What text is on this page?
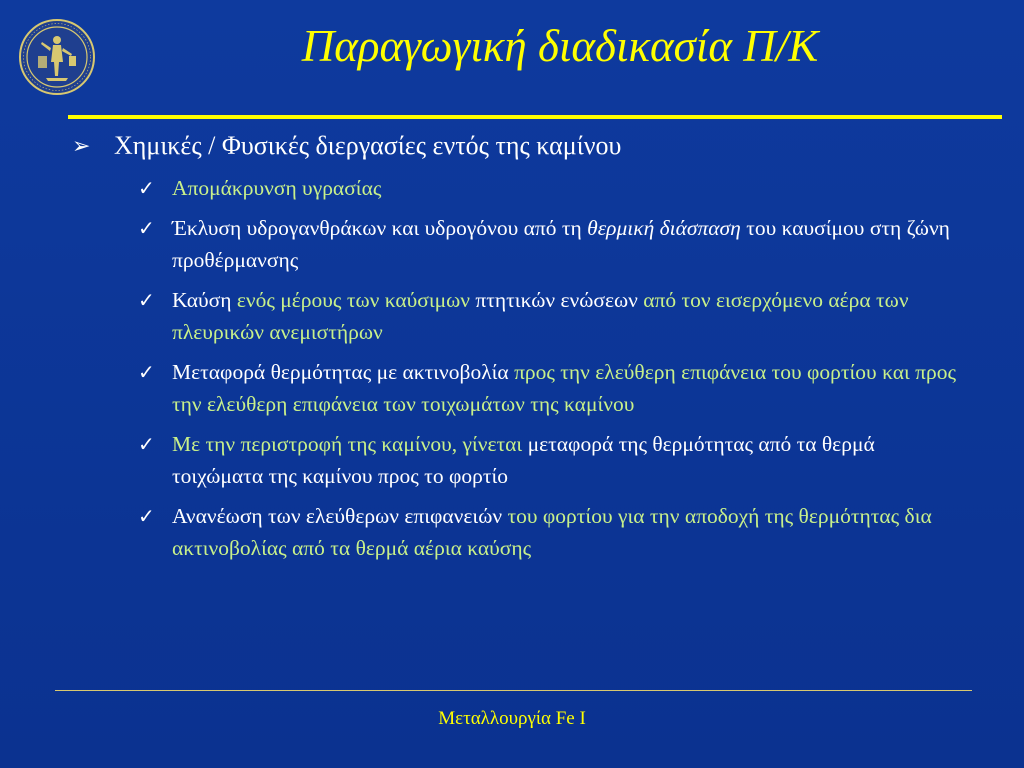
Παραγωγική διαδικασία Π/Κ
➢ Χημικές / Φυσικές διεργασίες εντός της καμίνου
✓ Απομάκρυνση υγρασίας
✓ Έκλυση υδρογανθράκων και υδρογόνου από τη θερμική διάσπαση του καυσίμου στη ζώνη προθέρμανσης
✓ Καύση ενός μέρους των καύσιμων πτητικών ενώσεων από τον εισερχόμενο αέρα των πλευρικών ανεμιστήρων
✓ Μεταφορά θερμότητας με ακτινοβολία προς την ελεύθερη επιφάνεια του φορτίου και προς την ελεύθερη επιφάνεια των τοιχωμάτων της καμίνου
✓ Με την περιστροφή της καμίνου, γίνεται μεταφορά της θερμότητας από τα θερμά τοιχώματα της καμίνου προς το φορτίο
✓ Ανανέωση των ελεύθερων επιφανειών του φορτίου για την αποδοχή της θερμότητας δια ακτινοβολίας από τα θερμά αέρια καύσης
Μεταλλουργία Fe I
